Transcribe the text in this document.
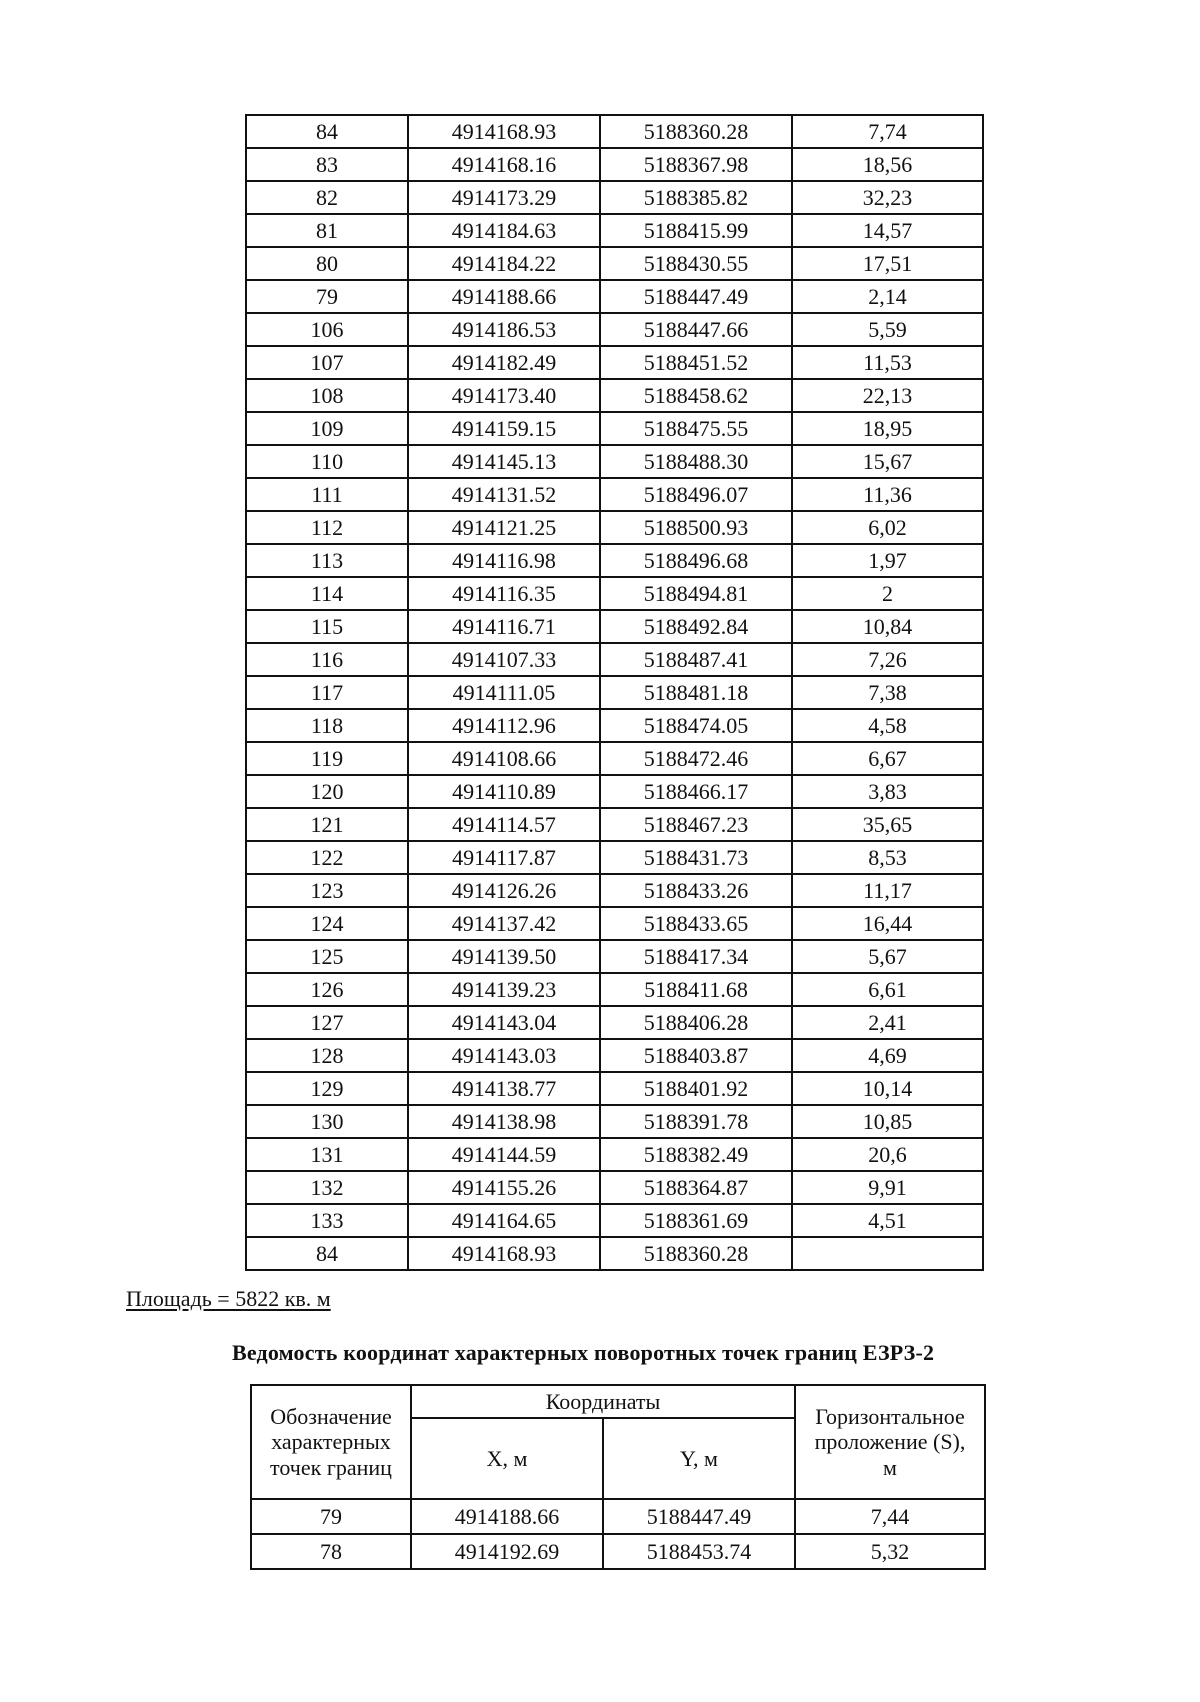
84	4914168.93	5188360.28	7,74
83	4914168.16	5188367.98	18,56
82	4914173.29	5188385.82	32,23
81	4914184.63	5188415.99	14,57
80	4914184.22	5188430.55	17,51
79	4914188.66	5188447.49	2,14
106	4914186.53	5188447.66	5,59
107	4914182.49	5188451.52	11,53
108	4914173.40	5188458.62	22,13
109	4914159.15	5188475.55	18,95
110	4914145.13	5188488.30	15,67
111	4914131.52	5188496.07	11,36
112	4914121.25	5188500.93	6,02
113	4914116.98	5188496.68	1,97
114	4914116.35	5188494.81	2
115	4914116.71	5188492.84	10,84
116	4914107.33	5188487.41	7,26
117	4914111.05	5188481.18	7,38
118	4914112.96	5188474.05	4,58
119	4914108.66	5188472.46	6,67
120	4914110.89	5188466.17	3,83
121	4914114.57	5188467.23	35,65
122	4914117.87	5188431.73	8,53
123	4914126.26	5188433.26	11,17
124	4914137.42	5188433.65	16,44
125	4914139.50	5188417.34	5,67
126	4914139.23	5188411.68	6,61
127	4914143.04	5188406.28	2,41
128	4914143.03	5188403.87	4,69
129	4914138.77	5188401.92	10,14
130	4914138.98	5188391.78	10,85
131	4914144.59	5188382.49	20,6
132	4914155.26	5188364.87	9,91
133	4914164.65	5188361.69	4,51
84	4914168.93	5188360.28	
Площадь = 5822 кв. м
Ведомость координат характерных поворотных точек границ ЕЗРЗ-2
Обозначение характерных точек границ	Координаты		Горизонтальное проложение (S), м
	X, м	Y, м	
79	4914188.66	5188447.49	7,44
78	4914192.69	5188453.74	5,32
